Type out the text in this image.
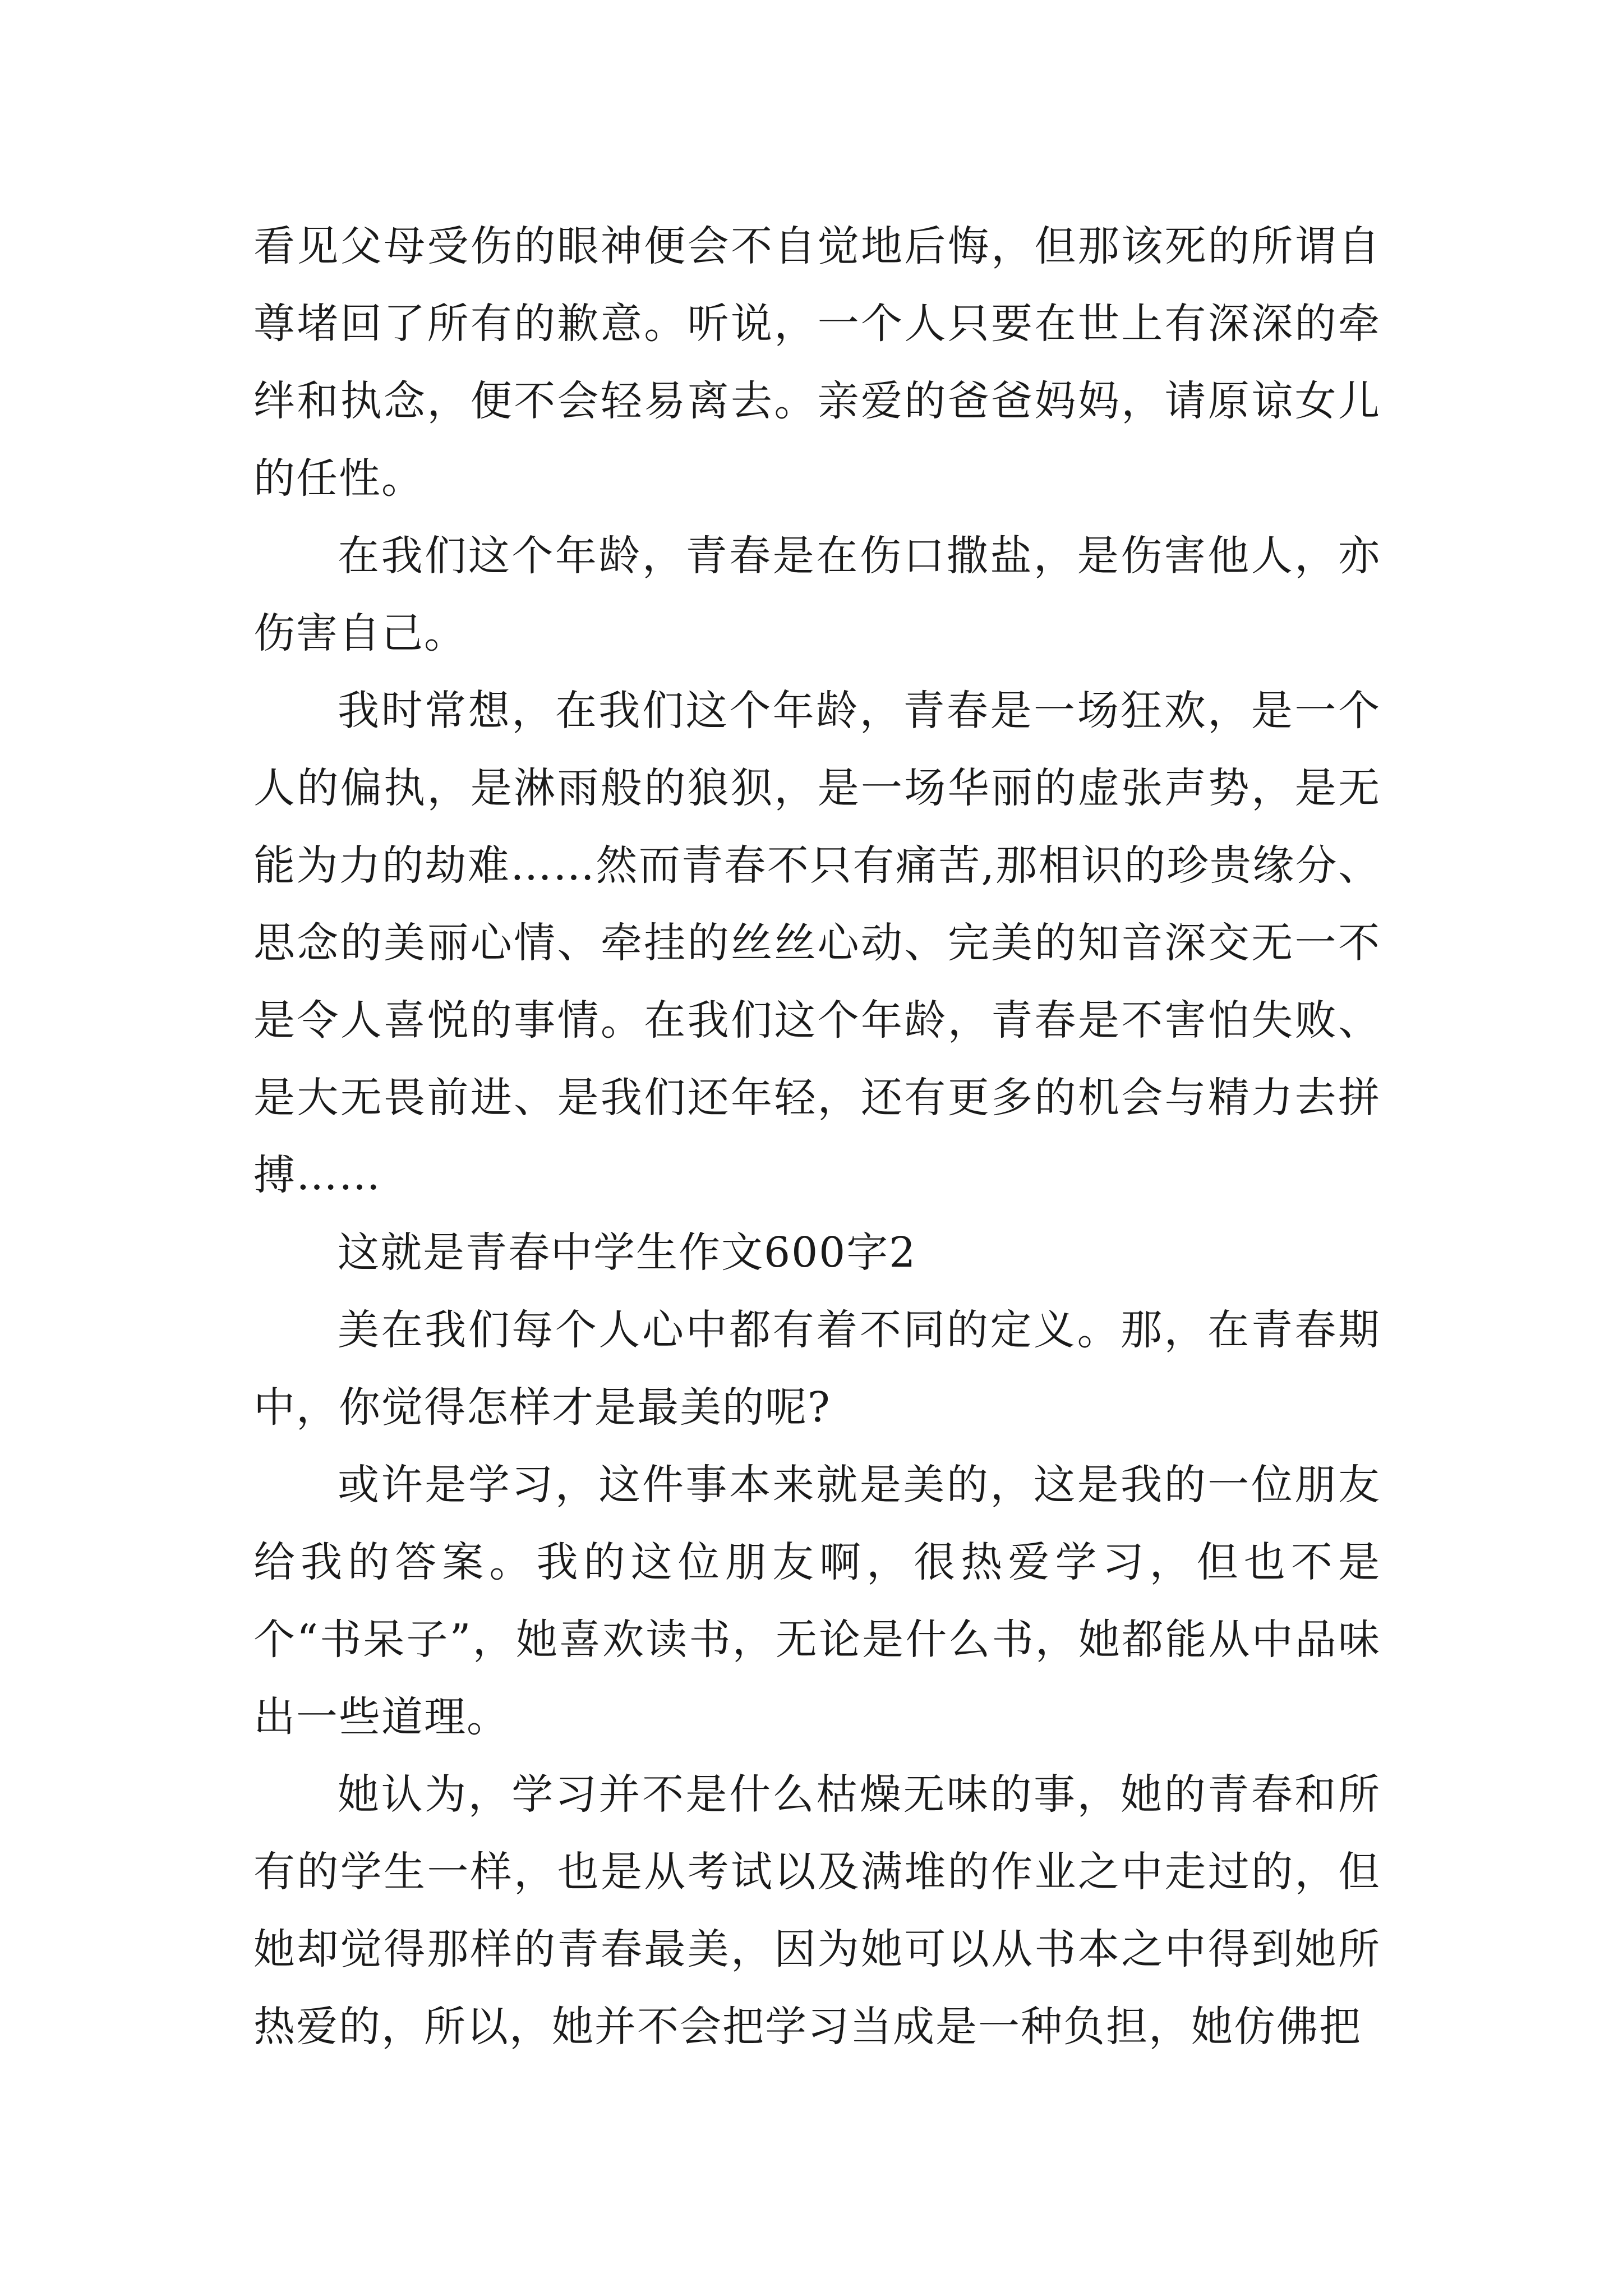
看见父母受伤的眼神便会不自觉地后悔，但那该死的所谓自尊堵回了所有的歉意。听说，一个人只要在世上有深深的牵绊和执念，便不会轻易离去。亲爱的爸爸妈妈，请原谅女儿的任性。

在我们这个年龄，青春是在伤口撒盐，是伤害他人，亦伤害自己。

我时常想，在我们这个年龄，青春是一场狂欢，是一个人的偏执，是淋雨般的狼狈，是一场华丽的虚张声势，是无能为力的劫难……然而青春不只有痛苦,那相识的珍贵缘分、思念的美丽心情、牵挂的丝丝心动、完美的知音深交无一不是令人喜悦的事情。在我们这个年龄，青春是不害怕失败、是大无畏前进、是我们还年轻，还有更多的机会与精力去拼搏……

这就是青春中学生作文600字2

美在我们每个人心中都有着不同的定义。那，在青春期中，你觉得怎样才是最美的呢?

或许是学习，这件事本来就是美的，这是我的一位朋友给我的答案。我的这位朋友啊，很热爱学习，但也不是个“书呆子”，她喜欢读书，无论是什么书，她都能从中品味出一些道理。

她认为，学习并不是什么枯燥无味的事，她的青春和所有的学生一样，也是从考试以及满堆的作业之中走过的，但她却觉得那样的青春最美，因为她可以从书本之中得到她所热爱的，所以，她并不会把学习当成是一种负担，她仿佛把
